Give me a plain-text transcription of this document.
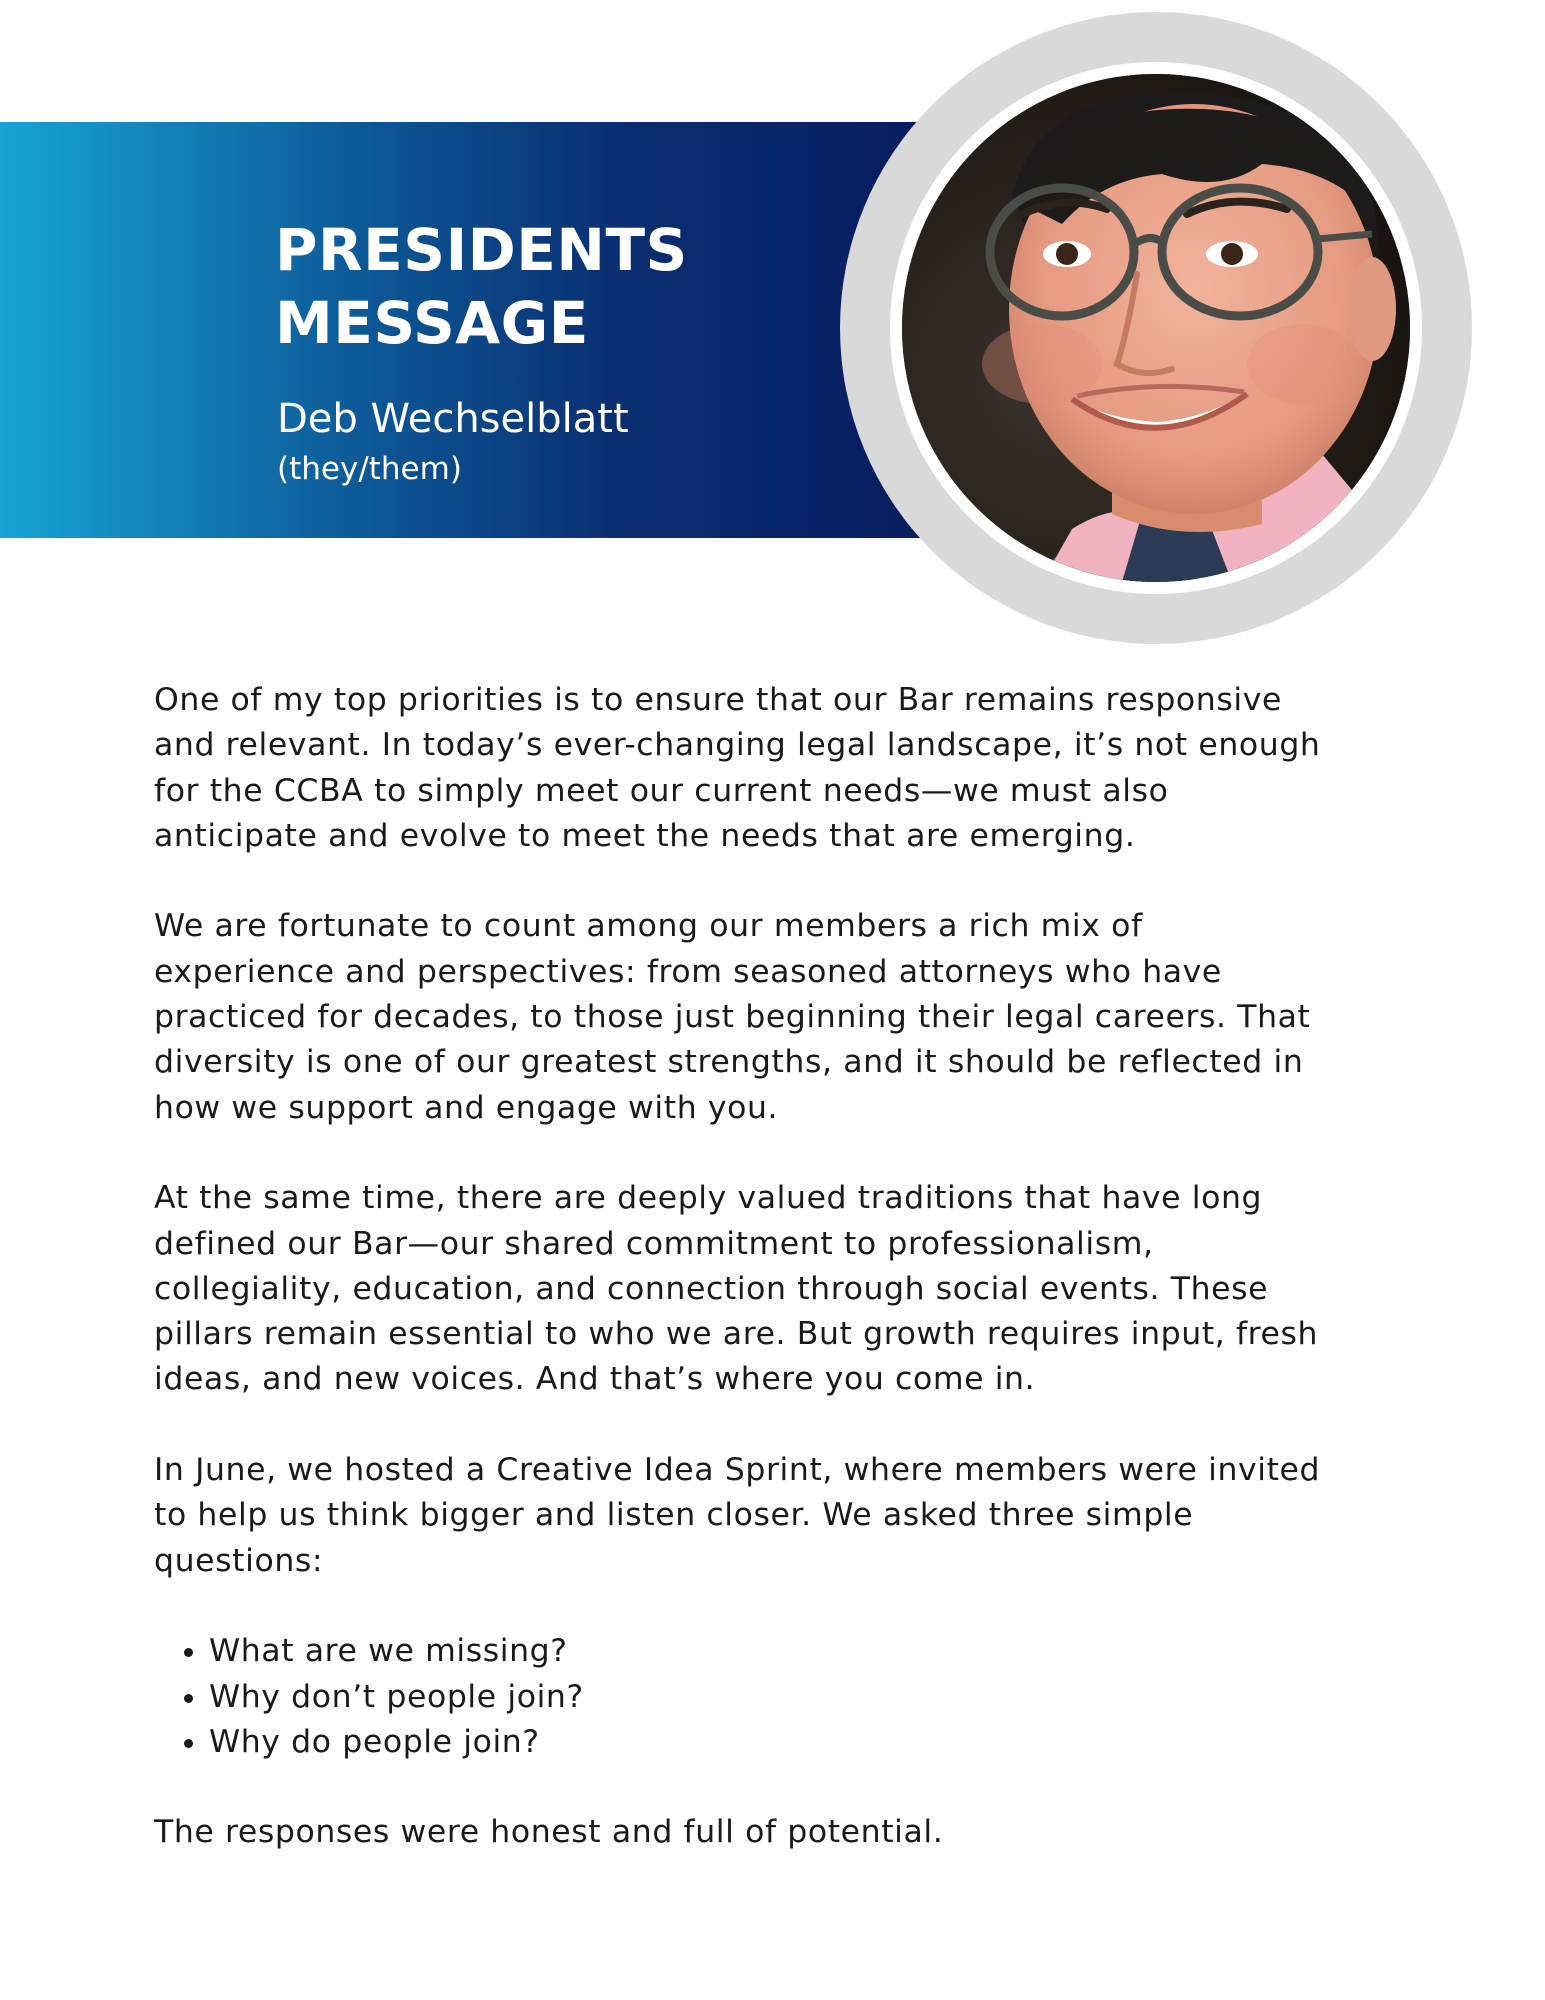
PRESIDENTS
MESSAGE
Deb Wechselblatt
(they/them)

One of my top priorities is to ensure that our Bar remains responsive
and relevant. In today’s ever-changing legal landscape, it’s not enough
for the CCBA to simply meet our current needs—we must also
anticipate and evolve to meet the needs that are emerging.

We are fortunate to count among our members a rich mix of
experience and perspectives: from seasoned attorneys who have
practiced for decades, to those just beginning their legal careers. That
diversity is one of our greatest strengths, and it should be reflected in
how we support and engage with you.

At the same time, there are deeply valued traditions that have long
defined our Bar—our shared commitment to professionalism,
collegiality, education, and connection through social events. These
pillars remain essential to who we are. But growth requires input, fresh
ideas, and new voices. And that’s where you come in.

In June, we hosted a Creative Idea Sprint, where members were invited
to help us think bigger and listen closer. We asked three simple
questions:

• What are we missing?
• Why don’t people join?
• Why do people join?

The responses were honest and full of potential.
